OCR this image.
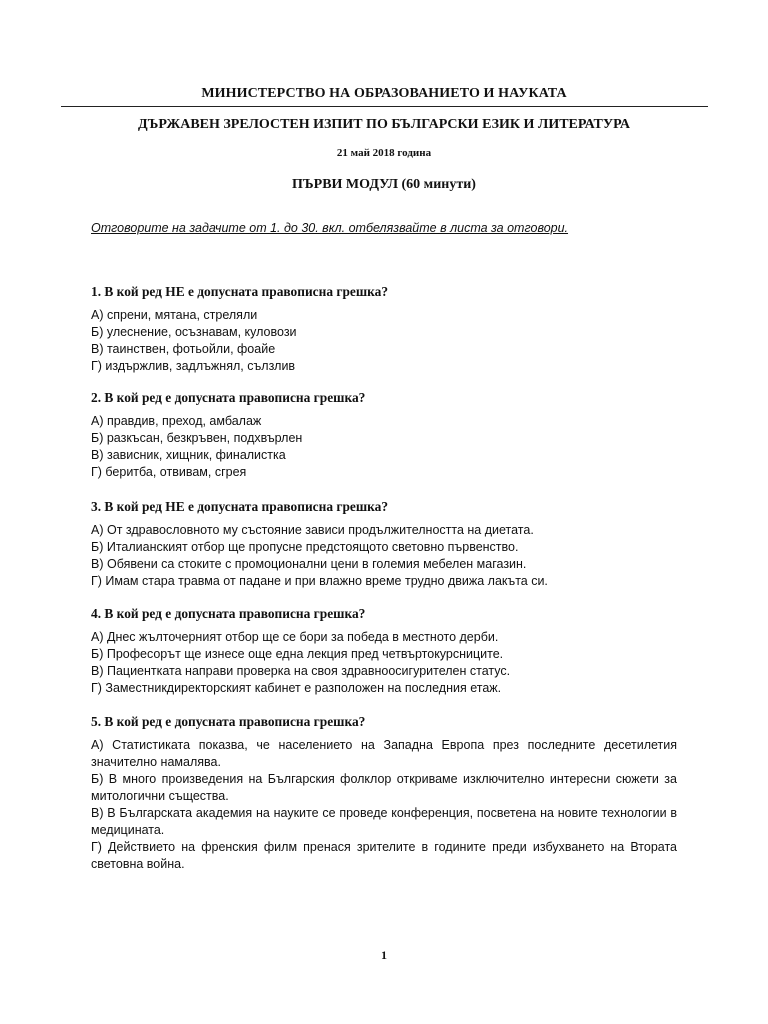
МИНИСТЕРСТВО НА ОБРАЗОВАНИЕТО И НАУКАТА
ДЪРЖАВЕН ЗРЕЛОСТЕН ИЗПИТ ПО БЪЛГАРСКИ ЕЗИК И ЛИТЕРАТУРА
21 май 2018 година
ПЪРВИ МОДУЛ (60 минути)
Отговорите на задачите от 1. до 30. вкл. отбелязвайте в листа за отговори.
1. В кой ред НЕ е допусната правописна грешка?
А) спрени, мятана, стреляли
Б) улеснение, осъзнавам, куловози
В) таинствен, фотьойли, фоайе
Г) издържлив, задлъжнял, сълзлив
2. В кой ред е допусната правописна грешка?
А) правдив, преход, амбалаж
Б) разкъсан, безкръвен, подхвърлен
В) зависник, хищник, финалистка
Г) беритба, отвивам, сгрея
3. В кой ред НЕ е допусната правописна грешка?
А) От здравословното му състояние зависи продължителността на диетата.
Б) Италианският отбор ще пропусне предстоящото световно първенство.
В) Обявени са стоките с промоционални цени в големия мебелен магазин.
Г) Имам стара травма от падане и при влажно време трудно движа лакъта си.
4. В кой ред е допусната правописна грешка?
А) Днес жълточерният отбор ще се бори за победа в местното дерби.
Б) Професорът ще изнесе още една лекция пред четвъртокурсниците.
В) Пациентката направи проверка на своя здравноосигурителен статус.
Г) Заместникдиректорският кабинет е разположен на последния етаж.
5. В кой ред е допусната правописна грешка?
А) Статистиката показва, че населението на Западна Европа през последните десетилетия значително намалява.
Б) В много произведения на Българския фолклор откриваме изключително интересни сюжети за митологични същества.
В) В Българската академия на науките се проведе конференция, посветена на новите технологии в медицината.
Г) Действието на френския филм пренася зрителите в годините преди избухването на Втората световна война.
1
